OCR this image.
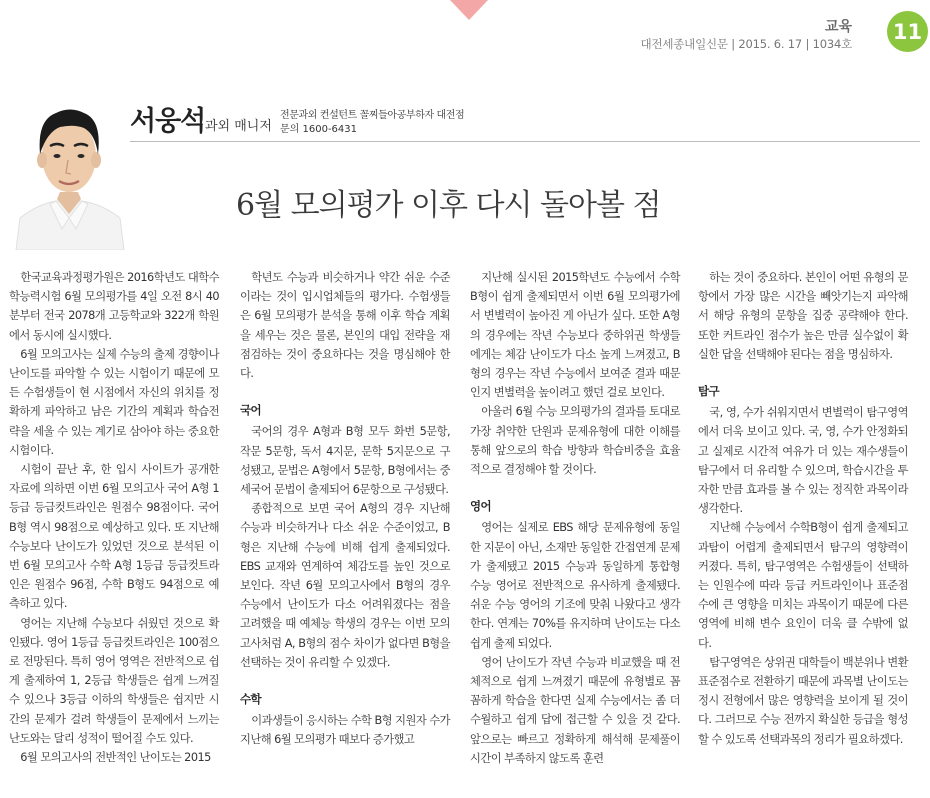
교육
대전세종내일신문 | 2015. 6. 17 | 1034호
11
서웅석 과외 매니저
전문과외 컨설턴트 꼴찌들아공부하자 대전점
문의 1600-6431
6월 모의평가 이후 다시 돌아볼 점

한국교육과정평가원은 2016학년도 대학수학능력시험 6월 모의평가를 4일 오전 8시 40분부터 전국 2078개 고등학교와 322개 학원에서 동시에 실시했다.

6월 모의고사는 실제 수능의 출제 경향이나 난이도를 파악할 수 있는 시험이기 때문에 모든 수험생들이 현 시점에서 자신의 위치를 정확하게 파악하고 남은 기간의 계획과 학습전략을 세울 수 있는 계기로 삼아야 하는 중요한 시험이다.

시험이 끝난 후, 한 입시 사이트가 공개한 자료에 의하면 이번 6월 모의고사 국어 A형 1등급 등급컷트라인은 원점수 98점이다. 국어 B형 역시 98점으로 예상하고 있다. 또 지난해 수능보다 난이도가 있었던 것으로 분석된 이번 6월 모의고사 수학 A형 1등급 등급컷트라인은 원점수 96점, 수학 B형도 94점으로 예측하고 있다.

영어는 지난해 수능보다 쉬웠던 것으로 확인됐다. 영어 1등급 등급컷트라인은 100점으로 전망된다. 특히 영어 영역은 전반적으로 쉽게 출제하여 1, 2등급 학생들은 쉽게 느껴질 수 있으나 3등급 이하의 학생들은 쉽지만 시간의 문제가 걸려 학생들이 문제에서 느끼는 난도와는 달리 성적이 떨어질 수도 있다.

6월 모의고사의 전반적인 난이도는 2015

학년도 수능과 비슷하거나 약간 쉬운 수준이라는 것이 입시업체들의 평가다. 수험생들은 6월 모의평가 분석을 통해 이후 학습 계획을 세우는 것은 물론, 본인의 대입 전략을 재점검하는 것이 중요하다는 것을 명심해야 한다.

국어

국어의 경우 A형과 B형 모두 화번 5문항, 작문 5문항, 독서 4지문, 문학 5지문으로 구성됐고, 문법은 A형에서 5문항, B형에서는 중세국어 문법이 출제되어 6문항으로 구성됐다.

종합적으로 보면 국어 A형의 경우 지난해 수능과 비슷하거나 다소 쉬운 수준이었고, B형은 지난해 수능에 비해 쉽게 출제되었다. EBS 교재와 연계하여 체감도를 높인 것으로 보인다. 작년 6월 모의고사에서 B형의 경우 수능에서 난이도가 다소 어려워졌다는 점을 고려했을 때 예체능 학생의 경우는 이번 모의고사처럼 A, B형의 점수 차이가 없다면 B형을 선택하는 것이 유리할 수 있겠다.

수학

이과생들이 응시하는 수학 B형 지원자 수가 지난해 6월 모의평가 때보다 증가했고

지난해 실시된 2015학년도 수능에서 수학 B형이 쉽게 출제되면서 이번 6월 모의평가에서 변별력이 높아진 게 아닌가 싶다. 또한 A형의 경우에는 작년 수능보다 중하위권 학생들에게는 체감 난이도가 다소 높게 느껴졌고, B형의 경우는 작년 수능에서 보여준 결과 때문인지 변별력을 높이려고 했던 걸로 보인다.

아울러 6월 수능 모의평가의 결과를 토대로 가장 취약한 단원과 문제유형에 대한 이해를 통해 앞으로의 학습 방향과 학습비중을 효율적으로 결정해야 할 것이다.

영어

영어는 실제로 EBS 해당 문제유형에 동일한 지문이 아닌, 소재만 동일한 간접연계 문제가 출제됐고 2015 수능과 동일하게 통합형 수능 영어로 전반적으로 유사하게 출제됐다. 쉬운 수능 영어의 기조에 맞춰 나왔다고 생각한다. 연계는 70%를 유지하며 난이도는 다소 쉽게 출제 되었다.

영어 난이도가 작년 수능과 비교했을 때 전체적으로 쉽게 느껴졌기 때문에 유형별로 꼼꼼하게 학습을 한다면 실제 수능에서는 좀 더 수월하고 쉽게 답에 접근할 수 있을 것 같다. 앞으로는 빠르고 정확하게 해석해 문제풀이 시간이 부족하지 않도록 훈련

하는 것이 중요하다. 본인이 어떤 유형의 문항에서 가장 많은 시간을 빼앗기는지 파악해서 해당 유형의 문항을 집중 공략해야 한다. 또한 커트라인 점수가 높은 만큼 실수없이 확실한 답을 선택해야 된다는 점을 명심하자.

탐구

국, 영, 수가 쉬워지면서 변별력이 탐구영역에서 더욱 보이고 있다. 국, 영, 수가 안정화되고 실제로 시간적 여유가 더 있는 재수생들이 탐구에서 더 유리할 수 있으며, 학습시간을 투자한 만큼 효과를 볼 수 있는 정직한 과목이라 생각한다.

지난해 수능에서 수학B형이 쉽게 출제되고 과탐이 어렵게 출제되면서 탐구의 영향력이 커졌다. 특히, 탐구영역은 수험생들이 선택하는 인원수에 따라 등급 커트라인이나 표준점수에 큰 영향을 미치는 과목이기 때문에 다른 영역에 비해 변수 요인이 더욱 클 수밖에 없다.

탐구영역은 상위권 대학들이 백분위나 변환표준점수로 전환하기 때문에 과목별 난이도는 정시 전형에서 많은 영향력을 보이게 될 것이다. 그러므로 수능 전까지 확실한 등급을 형성할 수 있도록 선택과목의 정리가 필요하겠다.
